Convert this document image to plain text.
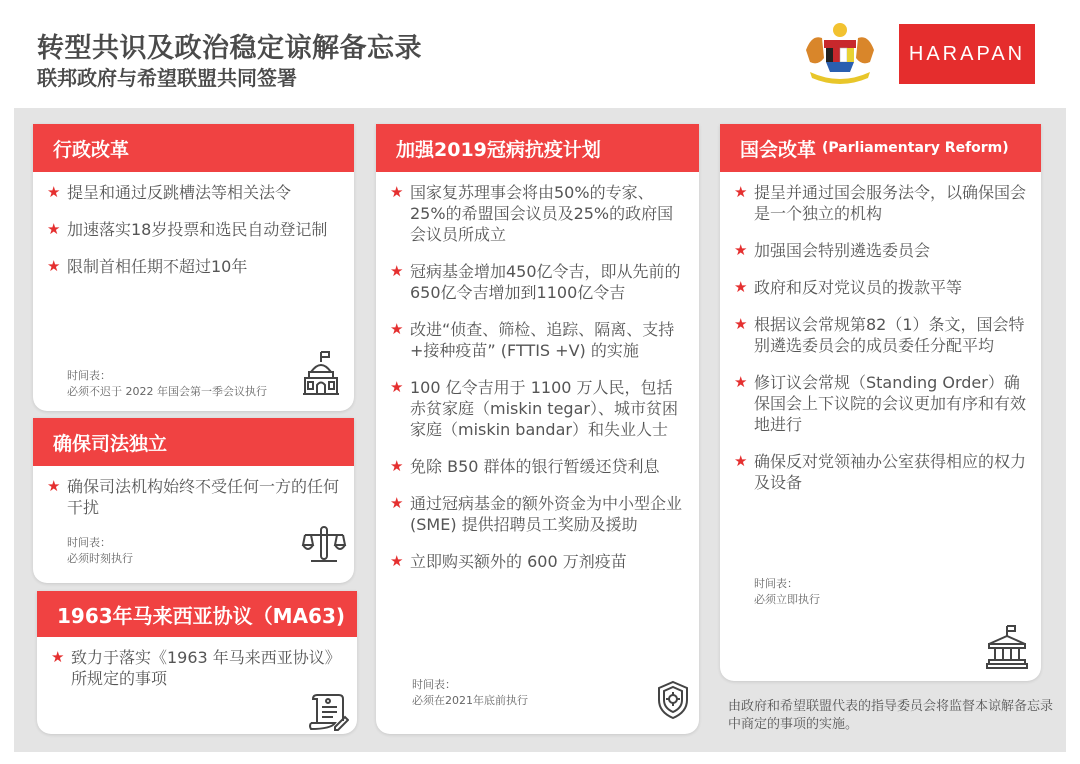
转型共识及政治稳定谅解备忘录
联邦政府与希望联盟共同签署
HARAPAN
行政改革
★ 提呈和通过反跳槽法等相关法令
★ 加速落实18岁投票和选民自动登记制
★ 限制首相任期不超过10年
时间表：
必须不迟于 2022 年国会第一季会议执行
确保司法独立
★ 确保司法机构始终不受任何一方的任何干扰
时间表：
必须时刻执行
1963年马来西亚协议（MA63)
★ 致力于落实《1963 年马来西亚协议》所规定的事项
加强2019冠病抗疫计划
★ 国家复苏理事会将由50%的专家、25%的希盟国会议员及25%的政府国会议员所成立
★ 冠病基金增加450亿令吉，即从先前的650亿令吉增加到1100亿令吉
★ 改进“侦查、筛检、追踪、隔离、支持+接种疫苗” (FTTIS +V) 的实施
★ 100 亿令吉用于 1100 万人民，包括赤贫家庭（miskin tegar）、城市贫困家庭（miskin bandar）和失业人士
★ 免除 B50 群体的银行暂缓还贷利息
★ 通过冠病基金的额外资金为中小型企业 (SME) 提供招聘员工奖励及援助
★ 立即购买额外的 600 万剂疫苗
时间表：
必须在2021年底前执行
国会改革 (Parliamentary Reform)
★ 提呈并通过国会服务法令，以确保国会是一个独立的机构
★ 加强国会特别遴选委员会
★ 政府和反对党议员的拨款平等
★ 根据议会常规第82（1）条文，国会特别遴选委员会的成员委任分配平均
★ 修订议会常规（Standing Order）确保国会上下议院的会议更加有序和有效地进行
★ 确保反对党领袖办公室获得相应的权力及设备
时间表：
必须立即执行
由政府和希望联盟代表的指导委员会将监督本谅解备忘录中商定的事项的实施。
